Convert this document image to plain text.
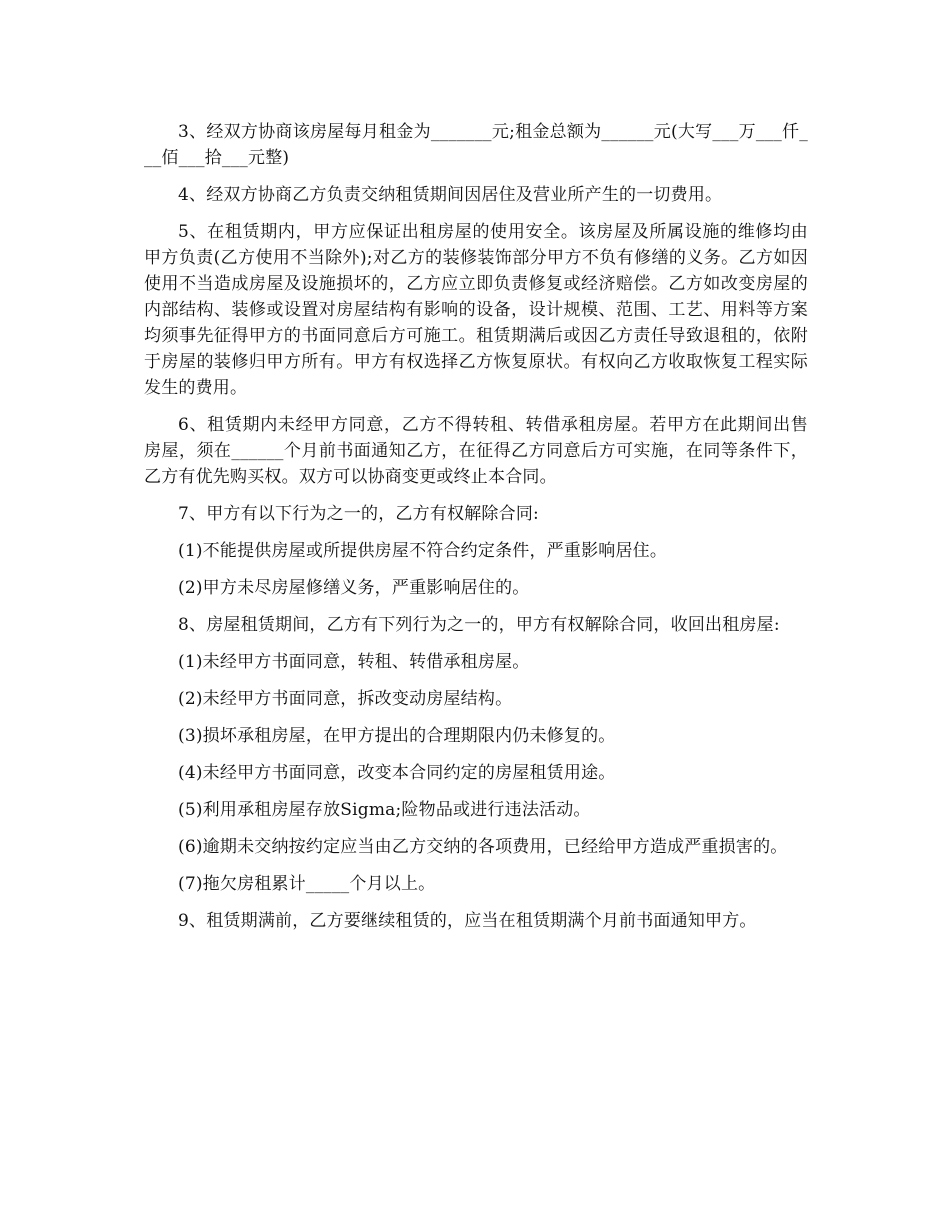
3、经双方协商该房屋每月租金为_______元;租金总额为______元(大写___万___仟___佰___拾___元整)

4、经双方协商乙方负责交纳租赁期间因居住及营业所产生的一切费用。

5、在租赁期内，甲方应保证出租房屋的使用安全。该房屋及所属设施的维修均由甲方负责(乙方使用不当除外);对乙方的装修装饰部分甲方不负有修缮的义务。乙方如因使用不当造成房屋及设施损坏的，乙方应立即负责修复或经济赔偿。乙方如改变房屋的内部结构、装修或设置对房屋结构有影响的设备，设计规模、范围、工艺、用料等方案均须事先征得甲方的书面同意后方可施工。租赁期满后或因乙方责任导致退租的，依附于房屋的装修归甲方所有。甲方有权选择乙方恢复原状。有权向乙方收取恢复工程实际发生的费用。

6、租赁期内未经甲方同意，乙方不得转租、转借承租房屋。若甲方在此期间出售房屋，须在______个月前书面通知乙方，在征得乙方同意后方可实施，在同等条件下，乙方有优先购买权。双方可以协商变更或终止本合同。

7、甲方有以下行为之一的，乙方有权解除合同:

(1)不能提供房屋或所提供房屋不符合约定条件，严重影响居住。

(2)甲方未尽房屋修缮义务，严重影响居住的。

8、房屋租赁期间，乙方有下列行为之一的，甲方有权解除合同，收回出租房屋:

(1)未经甲方书面同意，转租、转借承租房屋。

(2)未经甲方书面同意，拆改变动房屋结构。

(3)损坏承租房屋，在甲方提出的合理期限内仍未修复的。

(4)未经甲方书面同意，改变本合同约定的房屋租赁用途。

(5)利用承租房屋存放Sigma;险物品或进行违法活动。

(6)逾期未交纳按约定应当由乙方交纳的各项费用，已经给甲方造成严重损害的。

(7)拖欠房租累计_____个月以上。

9、租赁期满前，乙方要继续租赁的，应当在租赁期满个月前书面通知甲方。
